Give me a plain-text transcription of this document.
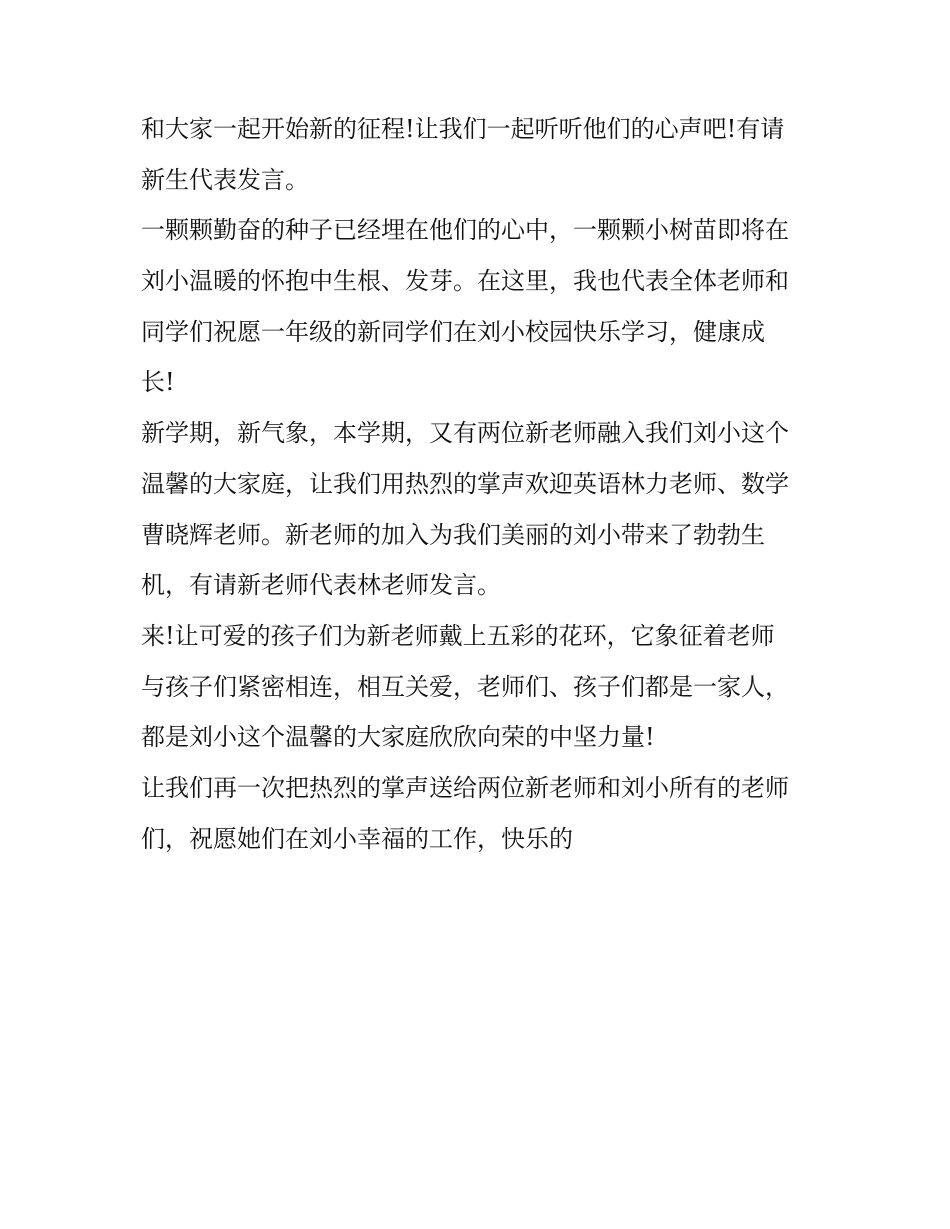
和大家一起开始新的征程!让我们一起听听他们的心声吧!有请
新生代表发言。
一颗颗勤奋的种子已经埋在他们的心中，一颗颗小树苗即将在
刘小温暖的怀抱中生根、发芽。在这里，我也代表全体老师和
同学们祝愿一年级的新同学们在刘小校园快乐学习，健康成
长!
新学期，新气象，本学期，又有两位新老师融入我们刘小这个
温馨的大家庭，让我们用热烈的掌声欢迎英语林力老师、数学
曹晓辉老师。新老师的加入为我们美丽的刘小带来了勃勃生
机，有请新老师代表林老师发言。
来!让可爱的孩子们为新老师戴上五彩的花环，它象征着老师
与孩子们紧密相连，相互关爱，老师们、孩子们都是一家人，
都是刘小这个温馨的大家庭欣欣向荣的中坚力量!
让我们再一次把热烈的掌声送给两位新老师和刘小所有的老师
们，祝愿她们在刘小幸福的工作，快乐的
